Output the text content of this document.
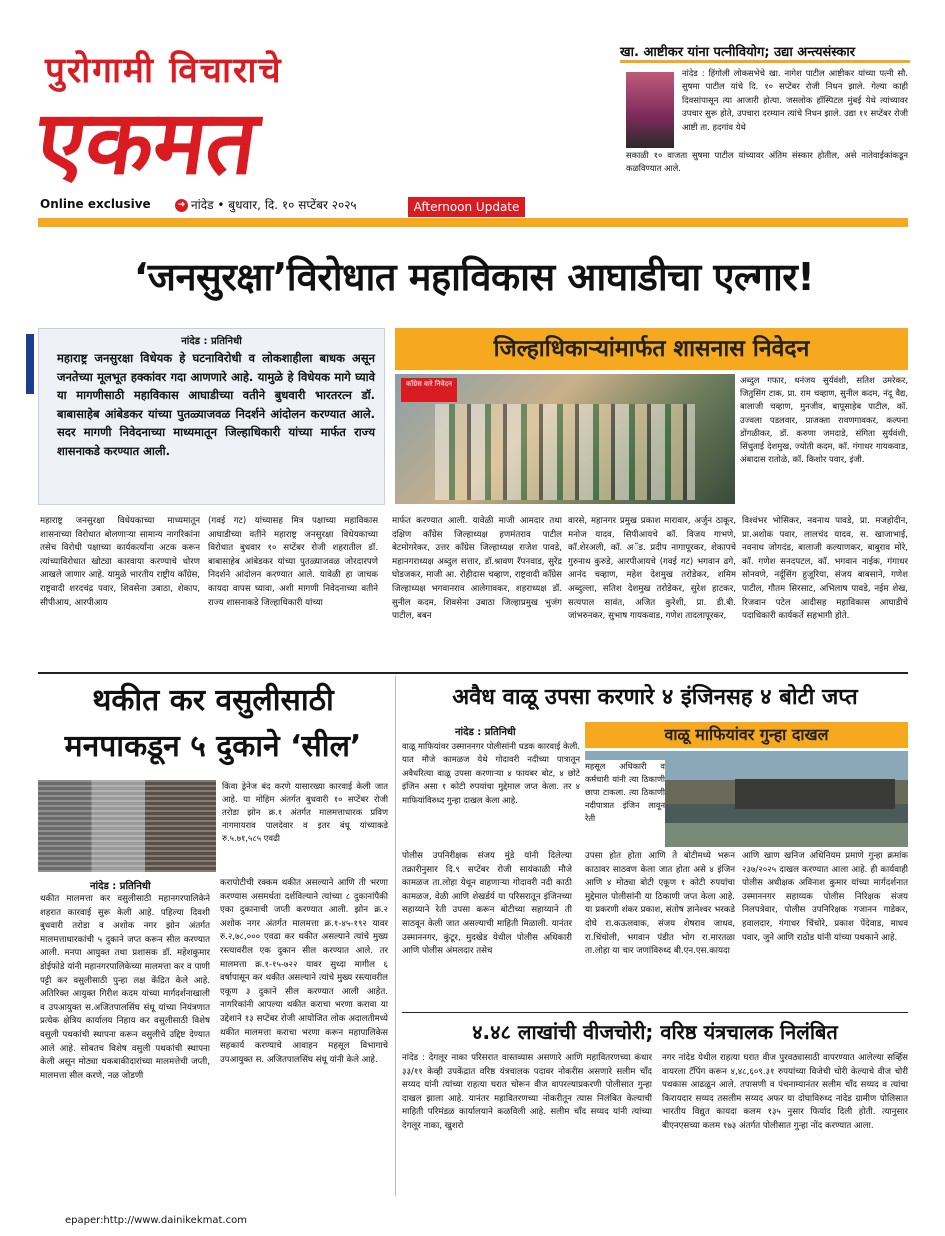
पुरोगामी विचाराचे
एकमत
Online exclusive	➜ नांदेड • बुधवार, दि. १० सप्टेंबर २०२५	Afternoon Update
खा. आष्टीकर यांना पत्नीवियोग; उद्या अन्त्यसंस्कार
नांदेड : हिंगोली लोकसभेचे खा. नागेश पाटील आष्टीकर यांच्या पत्नी सौ. सुषमा पाटील यांचे दि. १० सप्टेंबर रोजी निधन झाले. गेल्या काही दिवसांपासून त्या आजारी होत्या. जसलोक हॉस्पिटल मुंबई येथे त्यांच्यावर उपचार सुरू होते, उपचारा दरम्यान त्यांचे निधन झाले. उद्या ११ सप्टेंबर रोजी आष्टी ता. हदगांव येथे
सकाळी १० वाजता सुषमा पाटील यांच्यावर अंतिम संस्कार होतील, असे नातेवाईकांकडून कळविण्यात आले.
‘जनसुरक्षा’विरोधात महाविकास आघाडीचा एल्गार!
नांदेड : प्रतिनिधी
महाराष्ट्र जनसुरक्षा विधेयक हे घटनाविरोधी व लोकशाहीला बाधक असून जनतेच्या मूलभूत हक्कांवर गदा आणणारे आहे. यामुळे हे विधेयक मागे घ्यावे या मागणीसाठी महाविकास आघाडीच्या वतीने बुधवारी भारतरत्न डॉ. बाबासाहेब आंबेडकर यांच्या पुतळ्याजवळ निदर्शने आंदोलन करण्यात आले. सदर मागणी निवेदनाच्या माध्यमातून जिल्हाधिकारी यांच्या मार्फत राज्य शासनाकडे करण्यात आली.
जिल्हाधिकाऱ्यांमार्फत शासनास निवेदन
काँग्रेस वारे निवेदन	अब्दुल गफार, धनंजय सुर्यवंशी, सतिश उमरेकर, जितुसिंग टाक, प्रा. राम चव्हाण, सुनील कदम, नंदू वैद्य, बालाजी चव्हाण, मुनजीव, बापूसाहेब पाटील, कॉ. उज्वला पडलवार, प्राजक्ता रावणगावकर, कल्पना डोंगळीकर, डॉ. करुणा जमदाडे, संगिता सुर्यवंशी, सिंधुताई देशमुख, ज्योती कदम, कॉ. गंगाधर गायकवाड, अंबादास रातोळे, कॉ. किशोर पवार, इंजी.
महाराष्ट्र जनसुरक्षा विधेयकाच्या माध्यमातून शासनाच्या विरोधात बोलणाऱ्या सामान्य नागरिकांना तसेच विरोधी पक्षाच्या कार्यकर्त्यांना अटक करून त्यांच्याविरोधात खोट्या कारवाया करण्याचे धोरण आखले जाणार आहे. यामुळे भारतीय राष्ट्रीय काँग्रेस, राष्ट्रवादी शरदचंद्र पवार, शिवसेना उबाठा, शेकाप, सीपीआय, आरपीआय
(गवई गट) यांच्यासह मित्र पक्षाच्या महाविकास आघाडीच्या वतीने महाराष्ट्र जनसुरक्षा विधेयकाच्या विरोधात बुधवार १० सप्टेंबर रोजी शहरातील डॉ. बाबासाहेब आंबेडकर यांच्या पुतळ्याजवळ जोरदारपणे निदर्शने आंदोलन करण्यात आले. यावेळी हा जाचक कायदा वापस घ्यावा, अशी मागणी निवेदनाच्या वतीने राज्य शासनाकडे जिल्हाधिकारी यांच्या
मार्फत करण्यात आली. यावेळी माजी आमदार तथा दक्षिण काँग्रेस जिल्हाध्यक्ष हणमंतराव पाटील बेटमोगरेकर, उत्तर काँग्रेस जिल्हाध्यक्ष राजेश पावडे, महानगराध्यक्ष अब्दुल सत्तार, डॉ.श्रावण रॅपनवाड, सुरेंद्र घोडजकर, माजी आ. रोहीदास चव्हाण, राष्ट्रवादी काँग्रेस जिल्हाध्यक्ष भगवानराव आलेगावकर, शहराध्यक्ष डॉ. सुनील कदम, शिवसेना उबाठा जिल्हाप्रमुख भुजंग पाटील, बबन
वारसे, महानगर प्रमुख प्रकाश मारावार, अर्जुन ठाकूर, मनोज यादव, सिपीआयचे कॉ. विजय गाभणे, कॉ.शेरअली, कॉ. अॅड. प्रदीप नागापूरकर, शेकापचे गुरुनाथ कुरुडे, आरपीआयचे (गवई गट) भगवान ढगे, आनंद चव्हाण, महेश देशमुख तरोडेकर, शमिम अब्दुल्ला, सतिश देशमुख तरोडेकर, सुरेश हाटकर, सत्यपाल सावंत, अजित कुरेशी, प्रा. डी.बी. जांभरुनकर, सुभाष गायकवाड, गणेश तादलापूरकर,
विश्वंभर भोसिकर, नवनाथ पावडे, प्रा. मजहोदीन, प्रा.अशोक पवार, लालचंद यादव, स. खाजाभाई, नवनाथ जोगदंड, बालाजी कल्याणकर, बाबुराव मोरे, कॉ. गणेश सनदपटल, कॉ. भगवान नाईक, गंगाधर सोनवणे, नर्दूसिंग हुजूरिया, संजय बाबसाने, गणेश पाटील, गौतम सिरसाट, अभिलाष पावडे, नईम शेख, रिजवान पटेल आदीसह महाविकास आघाडीचे पदाधिकारी कार्यकर्ते सहभागी होते.
थकीत कर वसुलीसाठी
मनपाकडून ५ दुकाने ‘सील’
किंवा ड्रेनेज बंद करणे यासारख्या कारवाई केली जात आहे. या मोहिम अंतर्गत बुधवारी १० सप्टेंबर रोजी तरोडा झोन क्र.१ अंतर्गत मालमत्ताधारक प्रविण नागमायराव पालदेवार व इतर बंधू यांच्याकडे रु.५.७१,५८५ एवढी
नांदेड : प्रतिनिधी
थकीत मालमत्ता कर वसुलीसाठी महानगरपालिकेने शहरात कारवाई सुरू केली आहे. पहिल्या दिवशी बुधवारी तरोडा व अशोक नगर झोन अंतर्गत मालमत्ताधारकांची ५ दुकाने जप्त करून सील करण्यात आली. मनपा आयुक्त तथा प्रशासक डॉ. महेशकुमार डोईफोडे यांनी महानगरपालिकेच्या मालमत्ता कर व पाणी पट्टी कर वसुलीसाठी पुन्हा लक्ष केंद्रित केले आहे. अतिरिक्त आयुक्त गिरीश कदम यांच्या मार्गदर्शनाखाली व उपआयुक्त स.अजितपालसिंघ संधू यांच्या नियंत्रणात प्रत्येक क्षेत्रिय कार्यालय निहाय कर वसुलीसाठी विशेष वसुली पथकांची स्थापना करून वसुलीचे उद्दिष्ट देण्यात आले आहे. सोबतच विशेष वसुली पथकांची स्थापना केली असून मोठ्या थकबाकीदारांच्या मालमत्तेची जप्ती, मालमत्ता सील करणे, नळ जोडणी
करापोटीची रक्कम थकीत असल्याने आणि ती भरणा करण्यास असमर्थता दर्शविल्याने त्यांच्या ८ दुकानांपैकी एका दुकानाची जप्ती करण्यात आली. झोन क्र.२ अशोक नगर अंतर्गत मालमत्ता क्र.१-४५-१९२ यावर रु.२,७८,००० एवढा कर थकीत असल्याने त्यांचे मुख्य रस्त्यावरील एक दुकान सील करण्यात आले. तर मालमत्ता क्र.१-१५-७२२ यावर सुध्दा मागील ६ वर्षापासून कर थकीत असल्याने त्यांचे मुख्य रस्त्यावरील एकूण ३ दुकाने सील करण्यात आली आहेत. नागरिकांनी आपल्या थकीत कराचा भरणा करावा या उद्देशाने १३ सप्टेंबर रोजी आयोजित लोक अदालतीमध्ये थकीत मालमत्ता कराचा भरणा करून महापालिकेस सहकार्य करण्याचे आवाहन महसूल विभागाचे उपआयुक्त स. अजितपालसिंघ संधू यांनी केले आहे.
अवैध वाळू उपसा करणारे ४ इंजिनसह ४ बोटी जप्त
नांदेड : प्रतिनिधी
वाळू माफियांवर उस्माननगर पोलीसांनी धडक कारवाई केली. यात मौजे कामळज येथे गोदावरी नदीच्या पात्रातून अवैधरित्या वाळू उपसा करणाऱ्या ४ फायबर बोट, ४ छोटे इंजिन असा १ कोटी रुपयांचा मुद्देमाल जप्त केला. तर ४ माफियांविरुध्द गुन्हा दाखल केला आहे.
वाळू माफियांवर गुन्हा दाखल
महसूल अधिकारी व कर्मचारी यांनी त्या ठिकाणी छापा टाकला. त्या ठिकाणी नदीपात्रात इंजिन लावून रेती
पोलीस उपनिरीक्षक संजय मुंडे यांनी दिलेल्या तक्रारीनुसार दि.९ सप्टेंबर रोजी सायंकाळी मौजे कामळज ता.लोहा येथून वाहणाऱ्या गोदावरी नदी काठी कामळज, वेळी आणि शेखर्डर्य या परिसरातून इंजिनच्या सहाय्याने रेती उपसा करून बोटीच्या सहाय्याने ती साठवून केली जात असल्याची माहिती मिळाली. यानंतर उस्माननगर, कुंटूर, मुदखेड येथील पोलीस अधिकारी आणि पोलीस अंमलदार तसेच
उपसा होत होता आणि ते बोटीमध्ये भरून काठावर साठवण केला जात होता असे ४ इंजिन आणि ४ मोठ्या बोटी एकूण १ कोटी रुपयांचा मुद्देमाल पोलीसांनी या ठिकाणी जप्त केला आहे. या प्रकरणी शंकर प्रकाश, संतोष ज्ञानेश्वर भरकडे दोघे रा.कऊलवाक, संजय शेषराव जाधव, रा.चिंचोली, भगवान पंडीत भोग रा.मारतळा ता.लोहा या चार जणांविरुध्द बी.एन.एस.कायदा
आणि खाण खनिज अधिनियम प्रमाणे गुन्हा क्रमांक २३७/२०२५ दाखल करण्यात आला आहे. ही कार्यवाही पोलीस अधीक्षक अविनाश कुमार यांच्या मार्गदर्शनात उस्माननगर सहाय्यक पोलीस निरिक्षक संजय निलपत्रेवार, पोलीस उपनिरिक्षक गजानन गाडेकर, हवालदार, गंगाधर चिंचोरे, प्रकाश पेंदेवाड, माधव पवार, जुने आणि राठोड यांनी यांच्या पथकाने आहे.
४.४८ लाखांची वीजचोरी; वरिष्ठ यंत्रचालक निलंबित
नांदेड : देगलूर नाका परिसरात वास्तव्यास असणारे आणि महावितरणच्या कंधार ३३/११ केव्ही उपकेंद्रात वरिष्ठ यंत्रचालक पदावर नोकरीस असणारे सलीम चाँद सय्यद यांनी त्यांच्या राहत्या घरात चोरून वीज वापरल्याप्रकरणी पोलीसात गुन्हा दाखल झाला आहे. यानंतर महावितरणच्या नोकरीतून त्यास निलंबित केल्याची माहिती परिमंडळ कार्यालयाने कळविली आहे. सलीम चाँद सय्यद यांनी त्यांच्या देगलूर नाका, खुशरो
नगर नांदेड येथील राहत्या घरात वीज पुरवठ्यासाठी वापरण्यात आलेल्या सर्व्हिस वायरला टॅपिंग करून ४,४८,६०९.३१ रुपयांच्या विजेची चोरी केल्याचे वीज चोरी पथकास आढळून आले. तपासणी व पंचनाम्यानंतर सलीम चाँद सय्यद व त्यांचा किरायदार सय्यद तसलीम सय्यद अफर या दोघाविरुध्द नांदेड ग्रामीण पोलिसात भारतीय विद्युत कायदा कलम १३५ नुसार फिर्याद दिली होती. त्यानुसार बीएनएसच्या कलम १७३ अंतर्गत पोलीसात गुन्हा नोंद करण्यात आला.
epaper:http://www.dainikekmat.com
